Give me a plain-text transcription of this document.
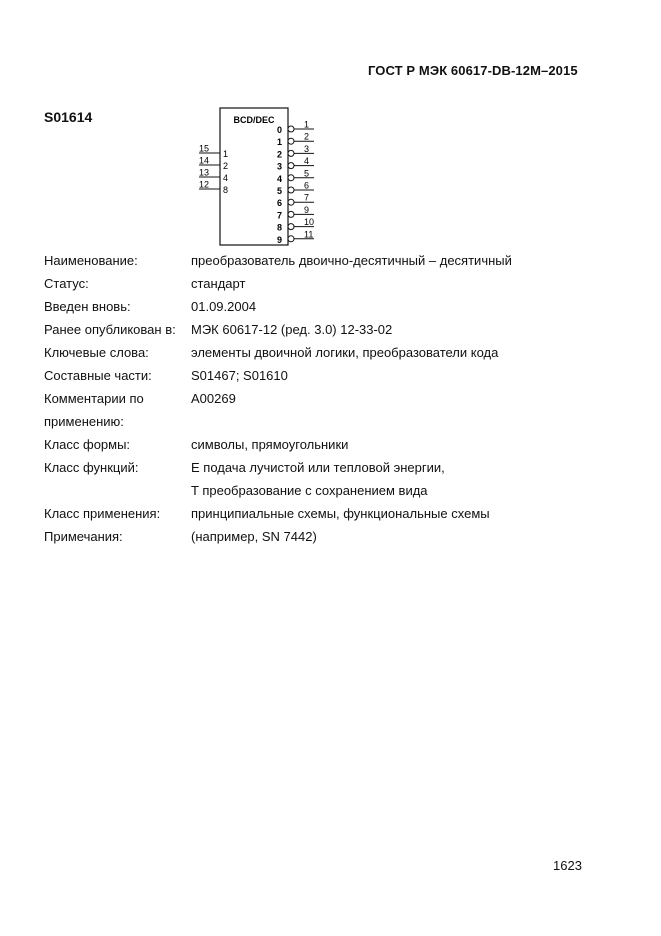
ГОСТ Р МЭК 60617-DB-12M–2015
S01614	BCD/DEC
15
1
14
2
13
4
12
8
0
1
1
2
2
3
3
4
4
5
5
6
6
7
7
9
8
10
9
11
Наименование:	преобразователь двоично-десятичный – десятичный
Статус:	стандарт
Введен вновь:	01.09.2004
Ранее опубликован в:	МЭК 60617-12 (ред. 3.0) 12-33-02
Ключевые слова:	элементы двоичной логики, преобразователи кода
Составные части:	S01467; S01610
Комментарии по применению:
A00269
Класс формы:	символы, прямоугольники
Класс функций:	E подача лучистой или тепловой энергии,
T преобразование с сохранением вида
Класс применения:	принципиальные схемы, функциональные схемы
Примечания:	(например, SN 7442)
1623
